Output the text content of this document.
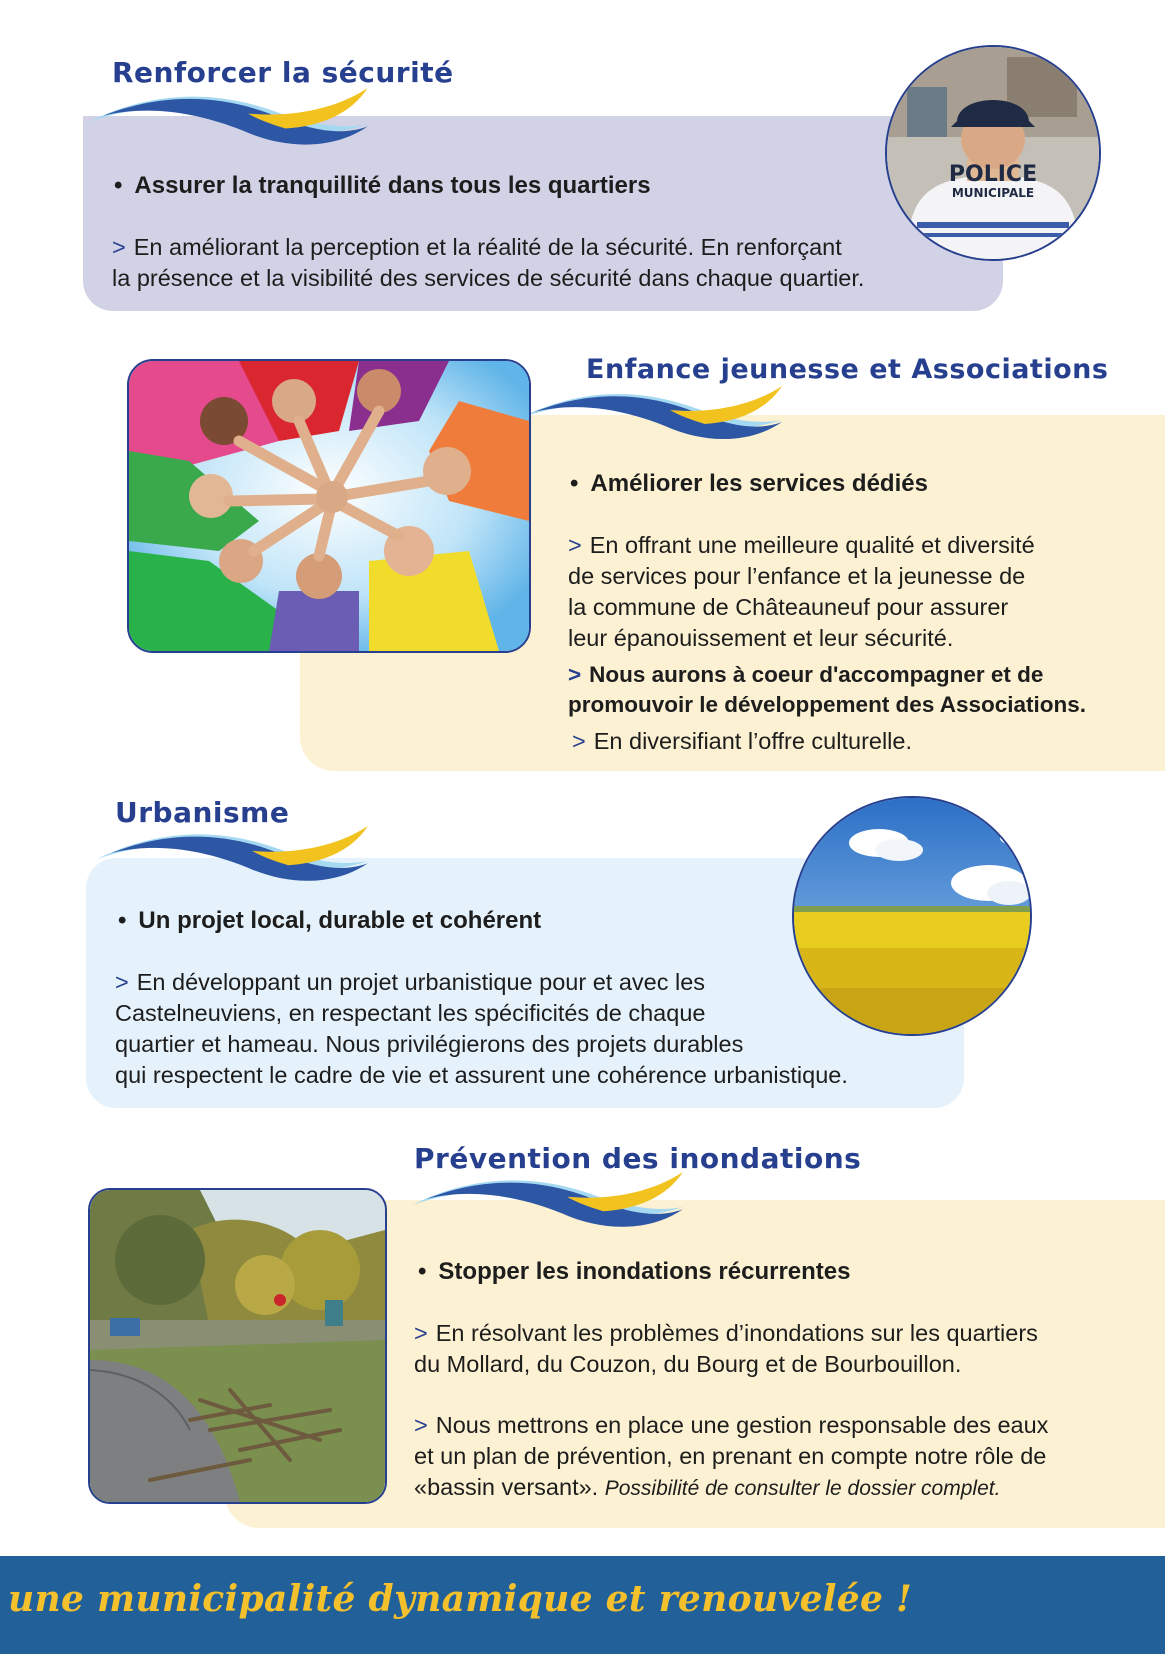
Renforcer la sécurité
• Assurer la tranquillité dans tous les quartiers
> En améliorant la perception et la réalité de la sécurité. En renforçant
la présence et la visibilité des services de sécurité dans chaque quartier.
POLICE
MUNICIPALE
Enfance jeunesse et Associations
• Améliorer les services dédiés
> En offrant une meilleure qualité et diversité
de services pour l’enfance et la jeunesse de
la commune de Châteauneuf pour assurer
leur épanouissement et leur sécurité.
> Nous aurons à coeur d'accompagner et de
promouvoir le développement des Associations.
> En diversifiant l’offre culturelle.
Urbanisme
• Un projet local, durable et cohérent
> En développant un projet urbanistique pour et avec les
Castelneuviens, en respectant les spécificités de chaque
quartier et hameau. Nous privilégierons des projets durables
qui respectent le cadre de vie et assurent une cohérence urbanistique.
Prévention des inondations
• Stopper les inondations récurrentes
> En résolvant les problèmes d’inondations sur les quartiers
du Mollard, du Couzon, du Bourg et de Bourbouillon.
> Nous mettrons en place une gestion responsable des eaux
et un plan de prévention, en prenant en compte notre rôle de
«bassin versant». Possibilité de consulter le dossier complet.
une municipalité dynamique et renouvelée !
